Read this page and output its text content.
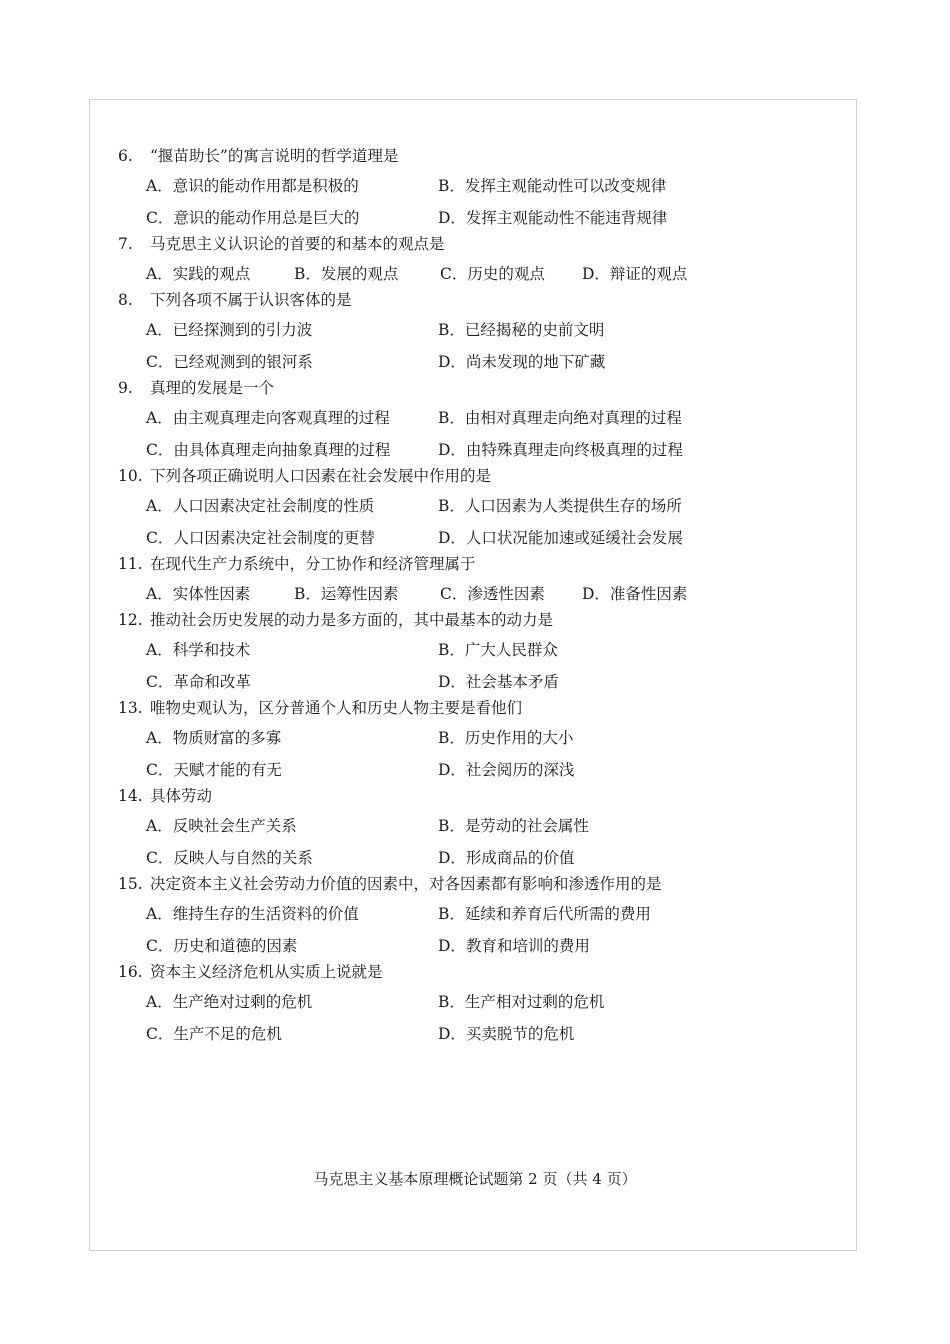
6.	“揠苗助长”的寓言说明的哲学道理是
A．意识的能动作用都是积极的	B．发挥主观能动性可以改变规律
C．意识的能动作用总是巨大的	D．发挥主观能动性不能违背规律
7.	马克思主义认识论的首要的和基本的观点是
A．实践的观点	B．发展的观点	C．历史的观点	D．辩证的观点
8.	下列各项不属于认识客体的是
A．已经探测到的引力波	B．已经揭秘的史前文明
C．已经观测到的银河系	D．尚未发现的地下矿藏
9.	真理的发展是一个
A．由主观真理走向客观真理的过程	B．由相对真理走向绝对真理的过程
C．由具体真理走向抽象真理的过程	D．由特殊真理走向终极真理的过程
10. 下列各项正确说明人口因素在社会发展中作用的是
A．人口因素决定社会制度的性质	B．人口因素为人类提供生存的场所
C．人口因素决定社会制度的更替	D．人口状况能加速或延缓社会发展
11. 在现代生产力系统中，分工协作和经济管理属于
A．实体性因素	B．运筹性因素	C．渗透性因素	D．准备性因素
12. 推动社会历史发展的动力是多方面的，其中最基本的动力是
A．科学和技术	B．广大人民群众
C．革命和改革	D．社会基本矛盾
13. 唯物史观认为，区分普通个人和历史人物主要是看他们
A．物质财富的多寡	B．历史作用的大小
C．天赋才能的有无	D．社会阅历的深浅
14. 具体劳动
A．反映社会生产关系	B．是劳动的社会属性
C．反映人与自然的关系	D．形成商品的价值
15. 决定资本主义社会劳动力价值的因素中，对各因素都有影响和渗透作用的是
A．维持生存的生活资料的价值	B．延续和养育后代所需的费用
C．历史和道德的因素	D．教育和培训的费用
16. 资本主义经济危机从实质上说就是
A．生产绝对过剩的危机	B．生产相对过剩的危机
C．生产不足的危机	D．买卖脱节的危机
马克思主义基本原理概论试题第 2 页（共 4 页）
